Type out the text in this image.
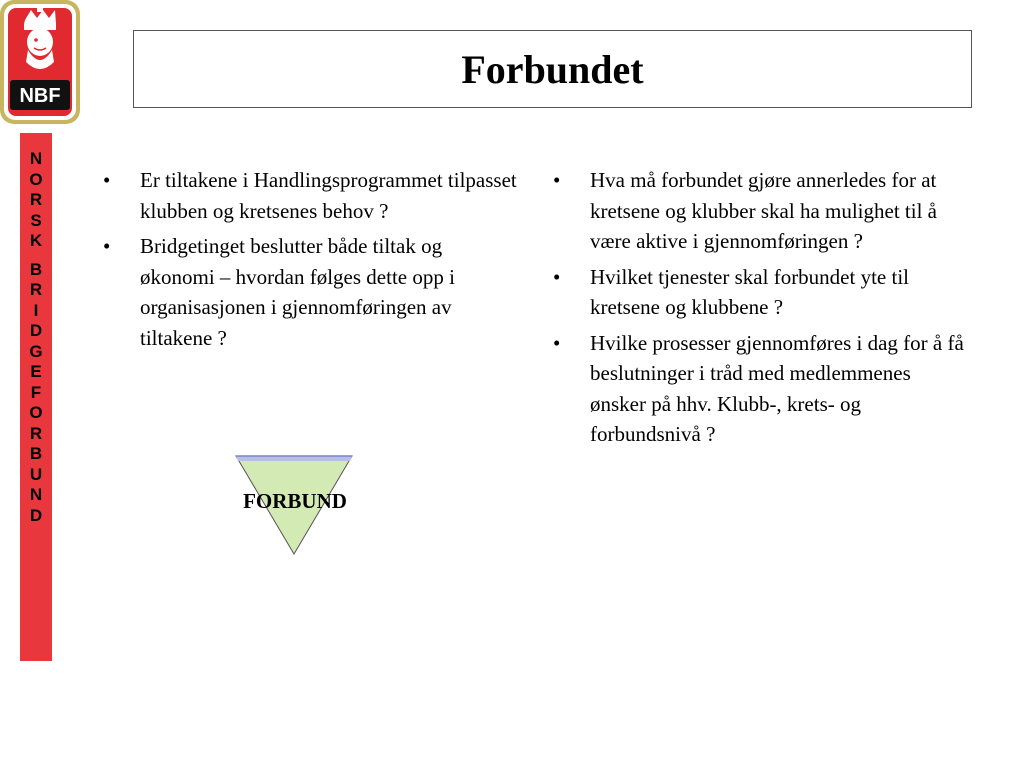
NBF
Forbundet
N
O
R
S
K
B
R
I
D
G
E
F
O
R
B
U
N
D
• Er tiltakene i Handlingsprogrammet tilpasset klubben og kretsenes behov ?
• Bridgetinget beslutter både tiltak og økonomi – hvordan følges dette opp i organisasjonen i gjennomføringen av tiltakene ?
• Hva må forbundet gjøre annerledes for at kretsene og klubber skal ha mulighet til å være aktive i gjennomføringen ?
• Hvilket tjenester skal forbundet yte til kretsene og klubbene ?
• Hvilke prosesser gjennomføres i dag for å få beslutninger i tråd med medlemmenes ønsker på hhv. Klubb-, krets- og forbundsnivå ?
FORBUND
